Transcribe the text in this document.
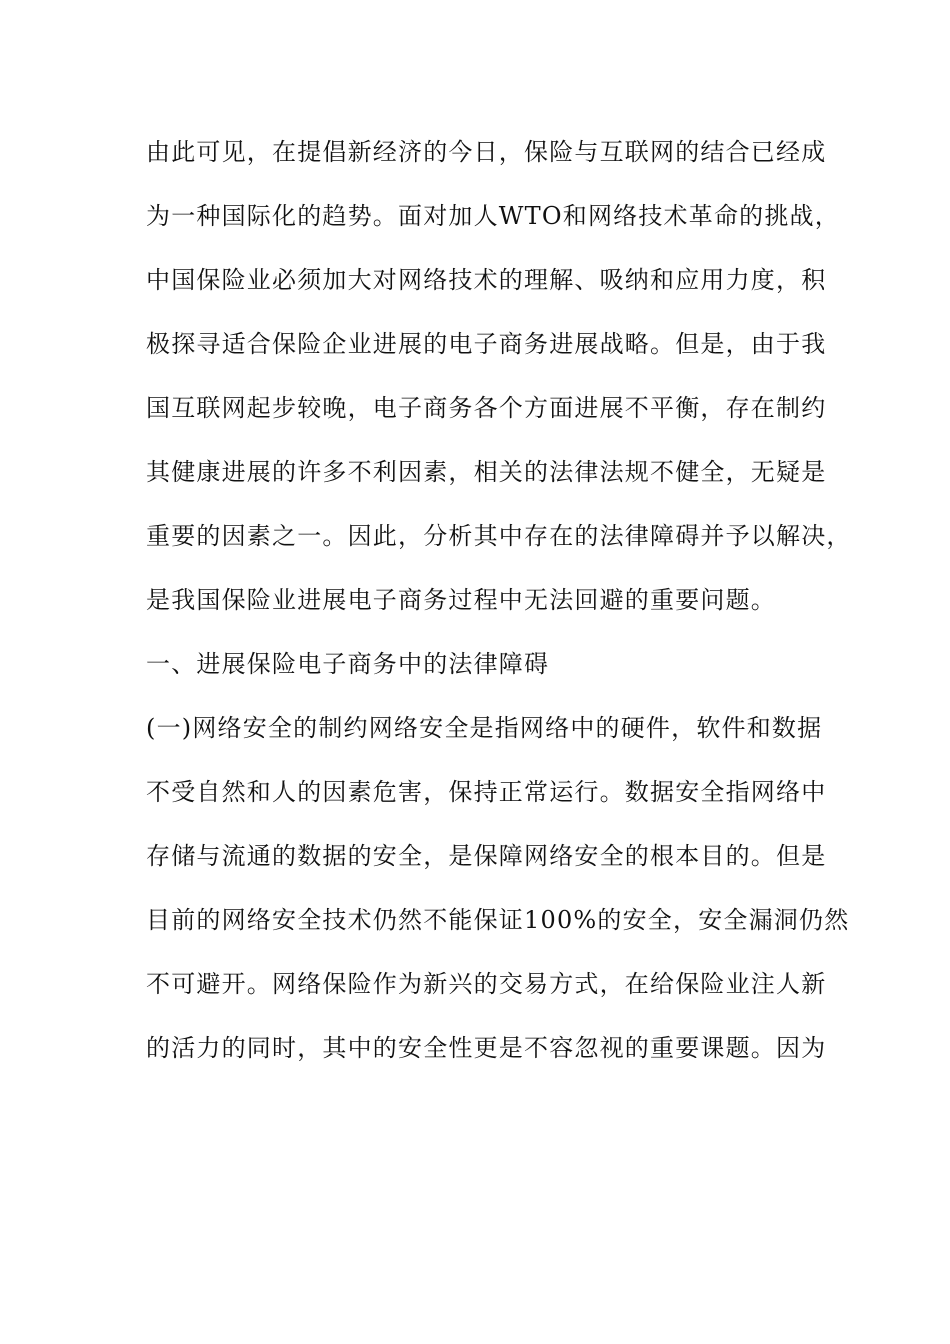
由此可见，在提倡新经济的今日，保险与互联网的结合已经成

为一种国际化的趋势。面对加人WTO和网络技术革命的挑战，

中国保险业必须加大对网络技术的理解、吸纳和应用力度，积

极探寻适合保险企业进展的电子商务进展战略。但是，由于我

国互联网起步较晚，电子商务各个方面进展不平衡，存在制约

其健康进展的许多不利因素，相关的法律法规不健全，无疑是

重要的因素之一。因此，分析其中存在的法律障碍并予以解决，

是我国保险业进展电子商务过程中无法回避的重要问题。

一、进展保险电子商务中的法律障碍

(一)网络安全的制约网络安全是指网络中的硬件，软件和数据

不受自然和人的因素危害，保持正常运行。数据安全指网络中

存储与流通的数据的安全，是保障网络安全的根本目的。但是

目前的网络安全技术仍然不能保证100%的安全，安全漏洞仍然

不可避开。网络保险作为新兴的交易方式，在给保险业注人新

的活力的同时，其中的安全性更是不容忽视的重要课题。因为
